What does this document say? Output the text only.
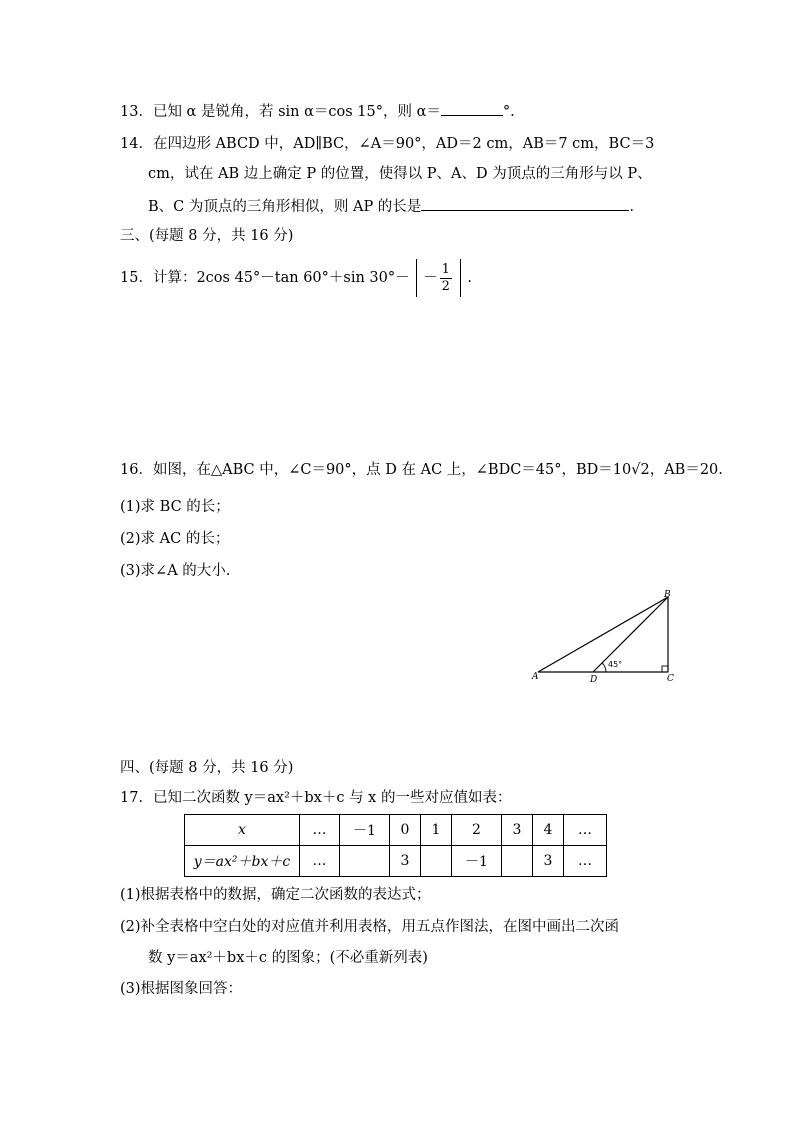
13．已知 α 是锐角，若 sin α＝cos 15°，则 α＝	°.
14．在四边形 ABCD 中，AD∥BC，∠A＝90°，AD＝2 cm，AB＝7 cm，BC＝3
cm，试在 AB 边上确定 P 的位置，使得以 P、A、D 为顶点的三角形与以 P、
B、C 为顶点的三角形相似，则 AP 的长是	.
三、(每题 8 分，共 16 分)
15．计算：2cos 45°－tan 60°＋sin $30^\circ- - \frac{1}{2}$ .
16．如图，在△ABC 中，∠C＝90°，点 D 在 AC 上，∠BDC＝45°，BD＝10√2，AB＝20.
(1)求 BC 的长；
(2)求 AC 的长；
(3)求∠A 的大小.
45°
A
B
C
D
四、(每题 8 分，共 16 分)
17．已知二次函数 y＝ax²＋bx＋c 与 x 的一些对应值如表：
x	…	－1	0	1	2	3	4	…
y＝ax²＋bx＋c	…		3		－1		3	…
(1)根据表格中的数据，确定二次函数的表达式；
(2)补全表格中空白处的对应值并利用表格，用五点作图法，在图中画出二次函
数 y＝ax²＋bx＋c 的图象；(不必重新列表)
(3)根据图象回答：
